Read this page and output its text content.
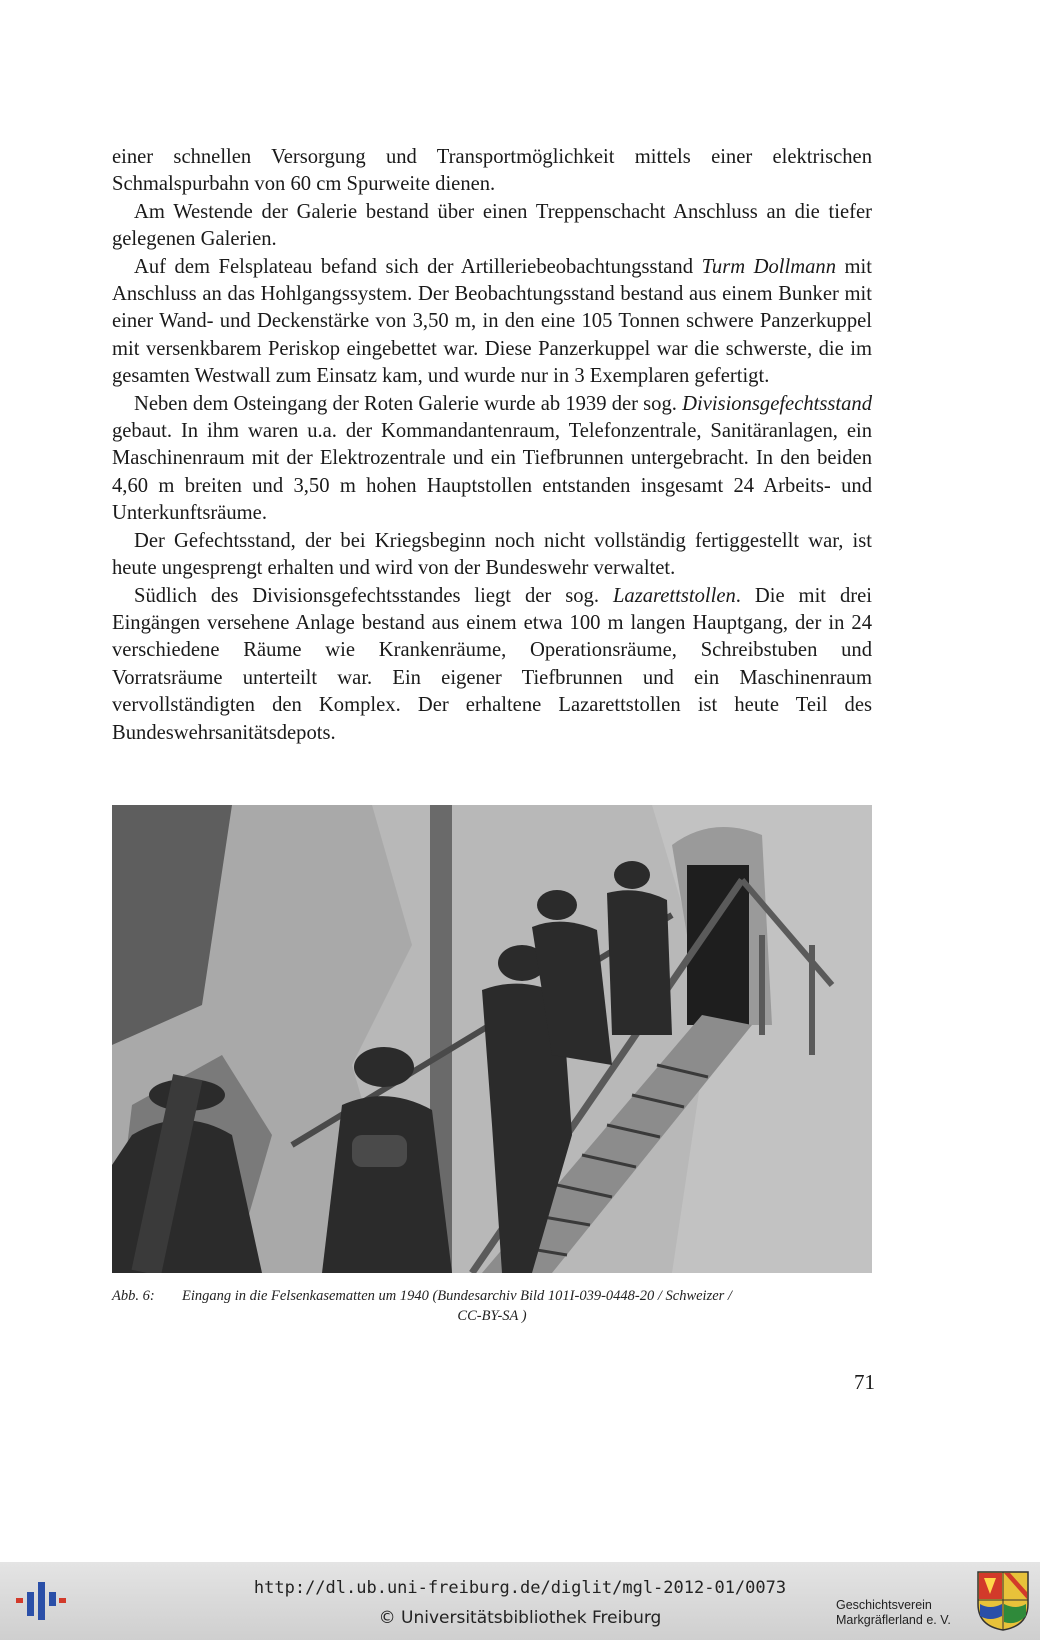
einer schnellen Versorgung und Transportmöglichkeit mittels einer elektrischen Schmalspurbahn von 60 cm Spurweite dienen.

Am Westende der Galerie bestand über einen Treppenschacht Anschluss an die tiefer gelegenen Galerien.

Auf dem Felsplateau befand sich der Artilleriebeobachtungsstand Turm Dollmann mit Anschluss an das Hohlgangssystem. Der Beobachtungsstand bestand aus einem Bunker mit einer Wand- und Deckenstärke von 3,50 m, in den eine 105 Tonnen schwere Panzerkuppel mit versenkbarem Periskop eingebettet war. Diese Panzerkuppel war die schwerste, die im gesamten Westwall zum Einsatz kam, und wurde nur in 3 Exemplaren gefertigt.

Neben dem Osteingang der Roten Galerie wurde ab 1939 der sog. Divisionsgefechtsstand gebaut. In ihm waren u.a. der Kommandantenraum, Telefonzentrale, Sanitäranlagen, ein Maschinenraum mit der Elektrozentrale und ein Tiefbrunnen untergebracht. In den beiden 4,60 m breiten und 3,50 m hohen Hauptstollen entstanden insgesamt 24 Arbeits- und Unterkunftsräume.

Der Gefechtsstand, der bei Kriegsbeginn noch nicht vollständig fertiggestellt war, ist heute ungesprengt erhalten und wird von der Bundeswehr verwaltet.

Südlich des Divisionsgefechtsstandes liegt der sog. Lazarettstollen. Die mit drei Eingängen versehene Anlage bestand aus einem etwa 100 m langen Hauptgang, der in 24 verschiedene Räume wie Krankenräume, Operationsräume, Schreibstuben und Vorratsräume unterteilt war. Ein eigener Tiefbrunnen und ein Maschinenraum vervollständigten den Komplex. Der erhaltene Lazarettstollen ist heute Teil des Bundeswehrsanitätsdepots.

Abb. 6:	Eingang in die Felsenkasematten um 1940 (Bundesarchiv Bild 101I-039-0448-20 / Schweizer /
CC-BY-SA )
71
http://dl.ub.uni-freiburg.de/diglit/mgl-2012-01/0073
© Universitätsbibliothek Freiburg
Geschichtsverein
Markgräflerland e. V.
